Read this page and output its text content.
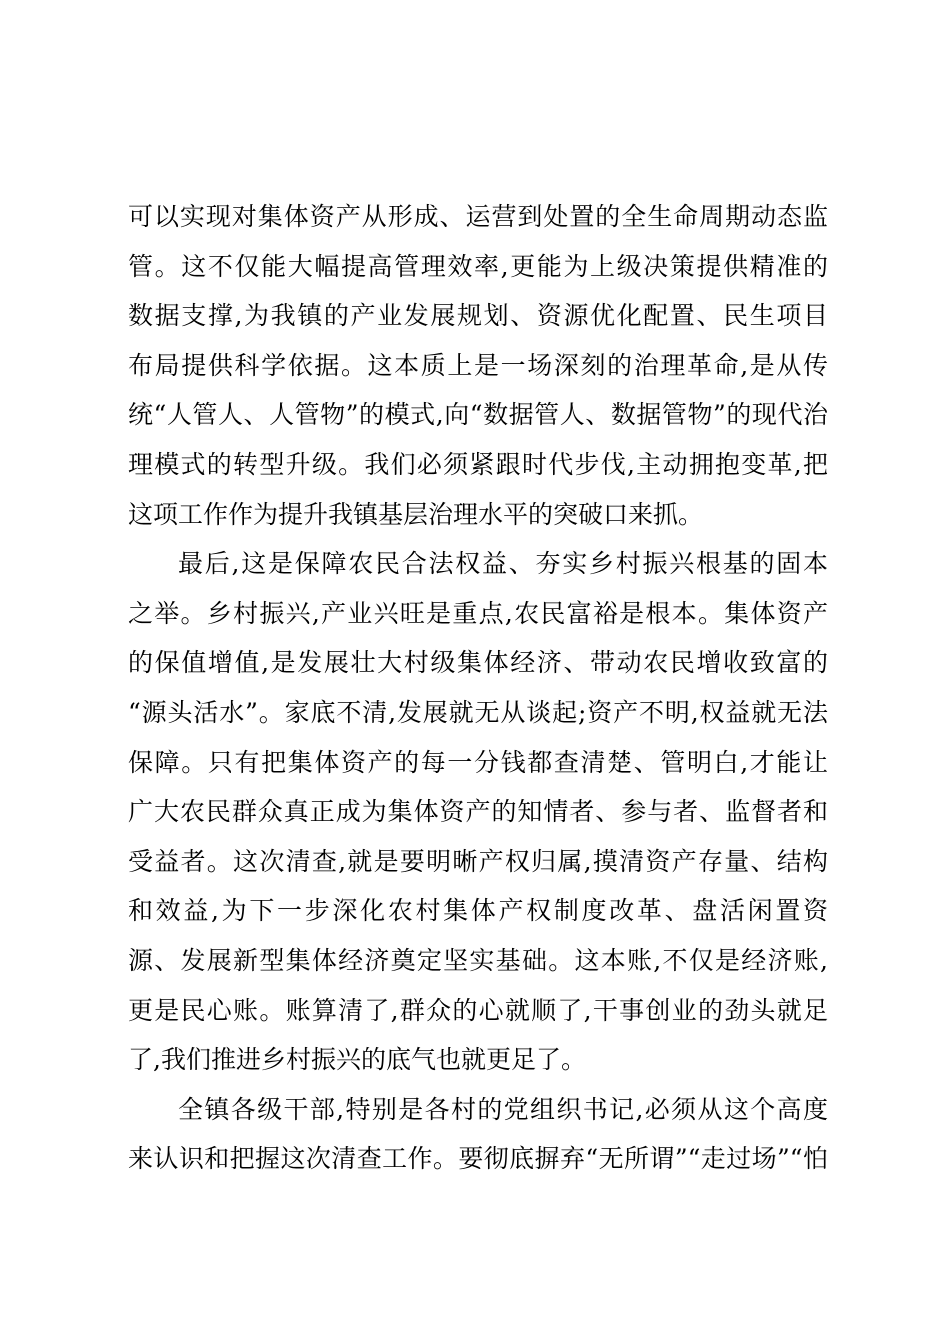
可以实现对集体资产从形成、运营到处置的全生命周期动态监
管。这不仅能大幅提高管理效率,更能为上级决策提供精准的
数据支撑,为我镇的产业发展规划、资源优化配置、民生项目
布局提供科学依据。这本质上是一场深刻的治理革命,是从传
统“人管人、人管物”的模式,向“数据管人、数据管物”的现代治
理模式的转型升级。我们必须紧跟时代步伐,主动拥抱变革,把
这项工作作为提升我镇基层治理水平的突破口来抓。
最后,这是保障农民合法权益、夯实乡村振兴根基的固本
之举。乡村振兴,产业兴旺是重点,农民富裕是根本。集体资产
的保值增值,是发展壮大村级集体经济、带动农民增收致富的
“源头活水”。家底不清,发展就无从谈起;资产不明,权益就无法
保障。只有把集体资产的每一分钱都查清楚、管明白,才能让
广大农民群众真正成为集体资产的知情者、参与者、监督者和
受益者。这次清查,就是要明晰产权归属,摸清资产存量、结构
和效益,为下一步深化农村集体产权制度改革、盘活闲置资
源、发展新型集体经济奠定坚实基础。这本账,不仅是经济账,
更是民心账。账算清了,群众的心就顺了,干事创业的劲头就足
了,我们推进乡村振兴的底气也就更足了。
全镇各级干部,特别是各村的党组织书记,必须从这个高度
来认识和把握这次清查工作。要彻底摒弃“无所谓”“走过场”“怕
